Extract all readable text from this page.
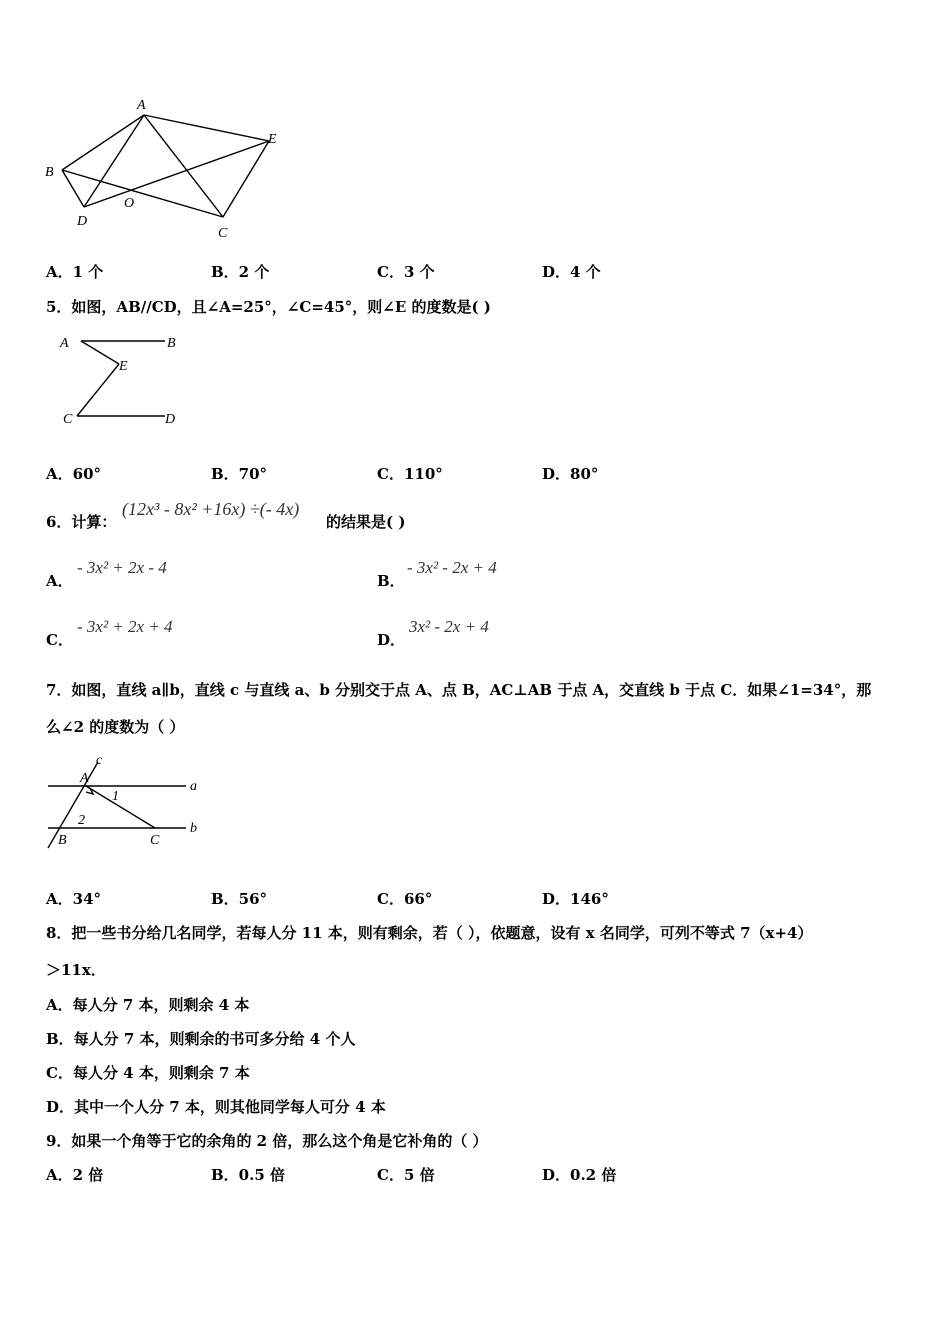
A
B
E
D
O
C
A．1 个	B．2 个	C．3 个	D．4 个
5．如图，AB//CD，且∠A=25°，∠C=45°，则∠E 的度数是( )
A	B
E
C	D
A．60°	B．70°	C．110°	D．80°
6．计算：
(12x³ - 8x² +16x) ÷(- 4x)
的结果是( )
A．
- 3x² + 2x - 4
B．
- 3x² - 2x + 4
C．
- 3x² + 2x + 4
D．
3x² - 2x + 4
7．如图，直线 a∥b，直线 c 与直线 a、b 分别交于点 A、点 B，AC⊥AB 于点 A，交直线 b 于点 C．如果∠1=34°，那
么∠2 的度数为（ ）
c
A
a
1
2
B	C
b
A．34°	B．56°	C．66°	D．146°
8．把一些书分给几名同学，若每人分 11 本，则有剩余，若（ ），依题意，设有 x 名同学，可列不等式 7（x+4）
＞11x．
A．每人分 7 本，则剩余 4 本
B．每人分 7 本，则剩余的书可多分给 4 个人
C．每人分 4 本，则剩余 7 本
D．其中一个人分 7 本，则其他同学每人可分 4 本
9．如果一个角等于它的余角的 2 倍，那么这个角是它补角的（ ）
A．2 倍	B．0.5 倍	C．5 倍	D．0.2 倍
